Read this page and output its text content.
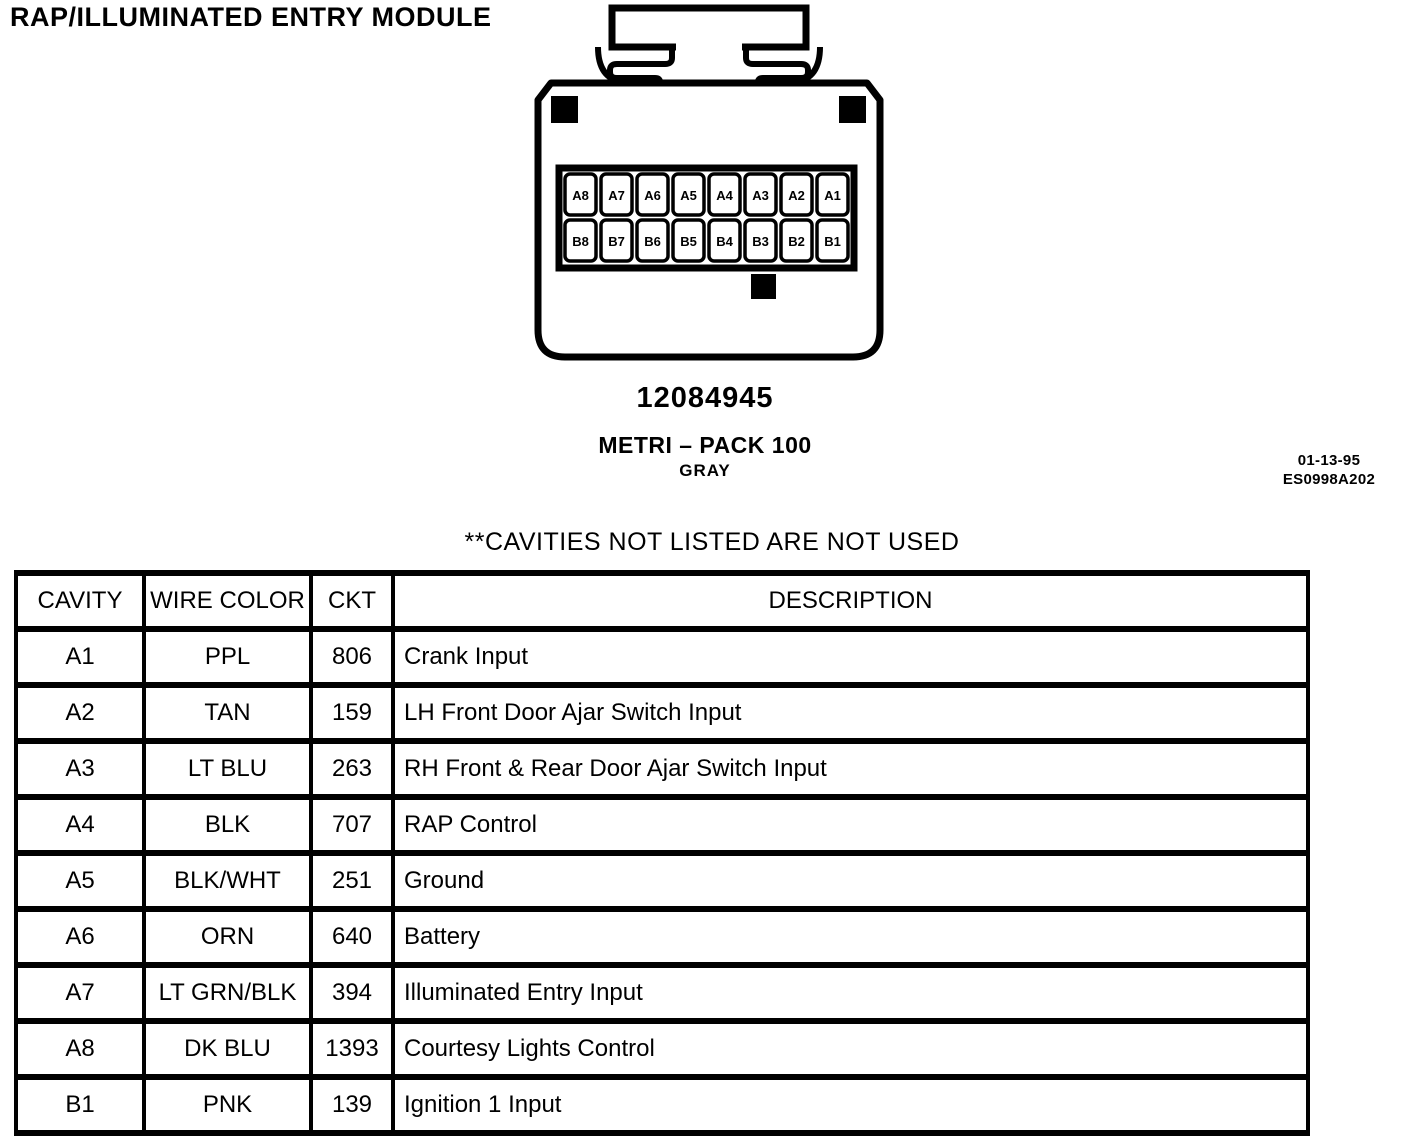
RAP/ILLUMINATED ENTRY MODULE
A8 A7 A6 A5 A4 A3 A2 A1
B8 B7 B6 B5 B4 B3 B2 B1
12084945
METRI – PACK 100
GRAY
01-13-95
ES0998A202
**CAVITIES NOT LISTED ARE NOT USED
CAVITY	WIRE COLOR	CKT	DESCRIPTION
A1	PPL	806	Crank Input
A2	TAN	159	LH Front Door Ajar Switch Input
A3	LT BLU	263	RH Front & Rear Door Ajar Switch Input
A4	BLK	707	RAP Control
A5	BLK/WHT	251	Ground
A6	ORN	640	Battery
A7	LT GRN/BLK	394	Illuminated Entry Input
A8	DK BLU	1393	Courtesy Lights Control
B1	PNK	139	Ignition 1 Input
